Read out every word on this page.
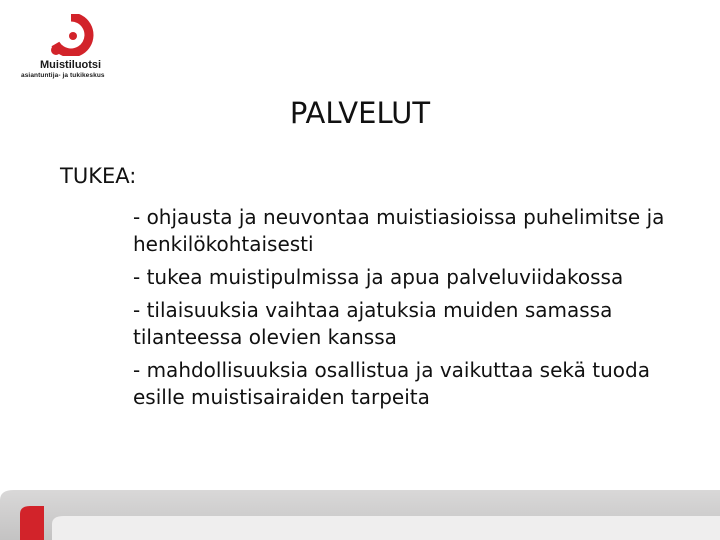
Muistiluotsi
asiantuntija- ja tukikeskus
PALVELUT
TUKEA:
- ohjausta ja neuvontaa muistiasioissa puhelimitse ja henkilökohtaisesti
- tukea muistipulmissa ja apua palveluviidakossa
- tilaisuuksia vaihtaa ajatuksia muiden samassa tilanteessa olevien kanssa
- mahdollisuuksia osallistua ja vaikuttaa sekä tuoda esille muistisairaiden tarpeita
